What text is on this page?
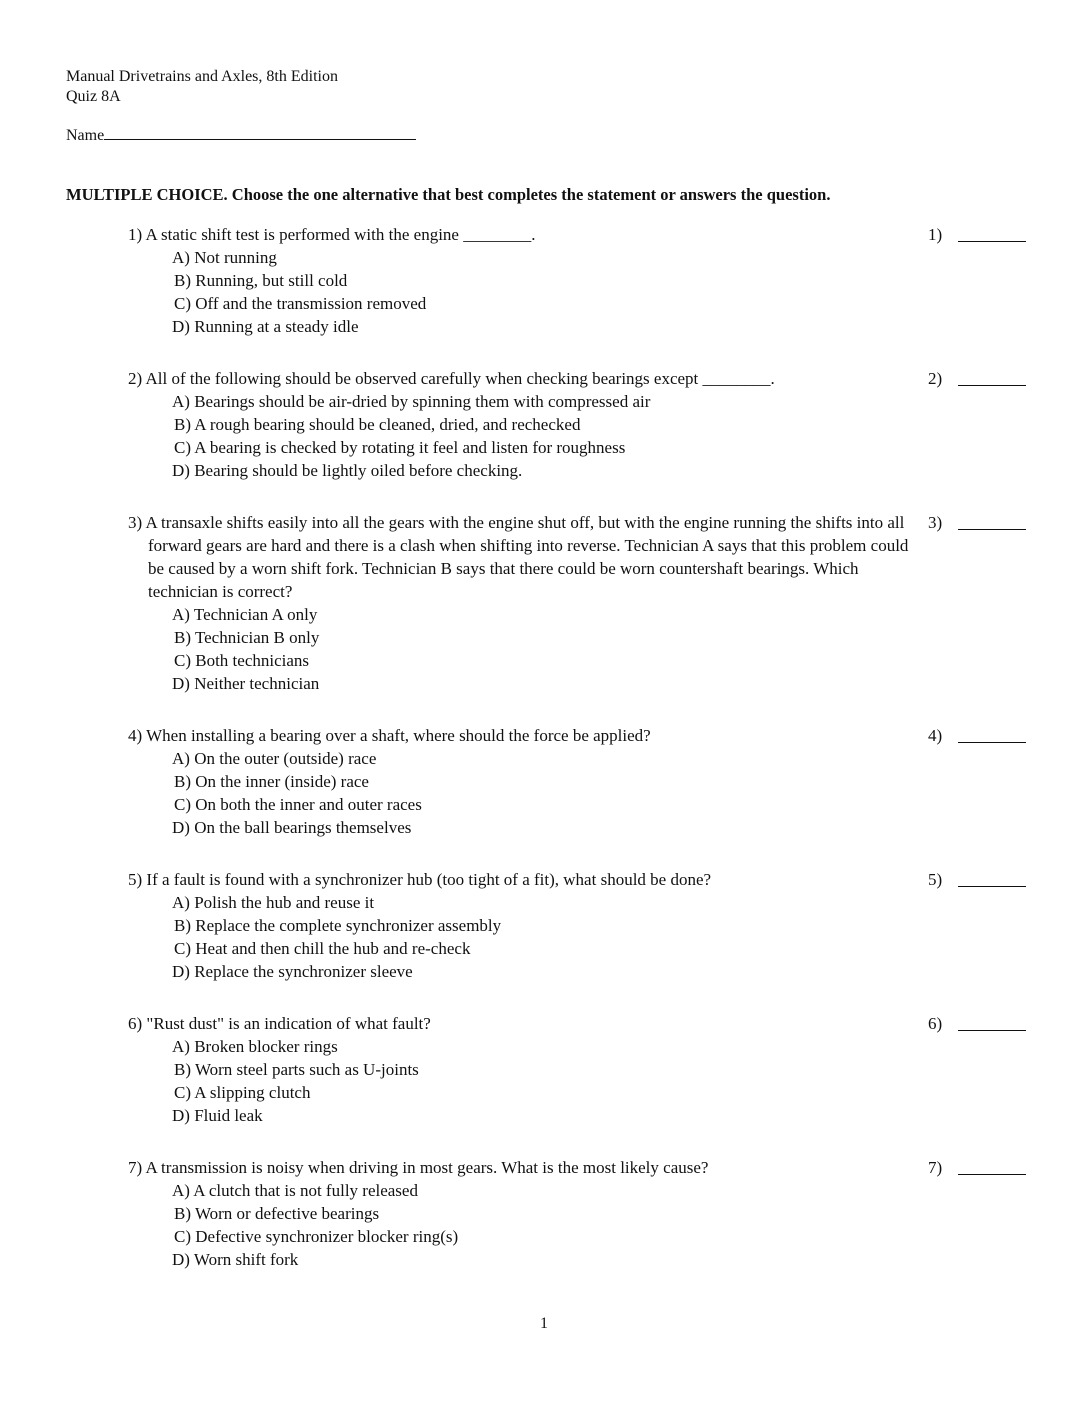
Manual Drivetrains and Axles, 8th Edition
Quiz 8A
Name
MULTIPLE CHOICE. Choose the one alternative that best completes the statement or answers the question.
1) A static shift test is performed with the engine ________.
A) Not running
B) Running, but still cold
C) Off and the transmission removed
D) Running at a steady idle
1)
2) All of the following should be observed carefully when checking bearings except ________.
A) Bearings should be air-dried by spinning them with compressed air
B) A rough bearing should be cleaned, dried, and rechecked
C) A bearing is checked by rotating it feel and listen for roughness
D) Bearing should be lightly oiled before checking.
2)
3) A transaxle shifts easily into all the gears with the engine shut off, but with the engine running the shifts into all forward gears are hard and there is a clash when shifting into reverse. Technician A says that this problem could be caused by a worn shift fork. Technician B says that there could be worn countershaft bearings. Which technician is correct?
A) Technician A only
B) Technician B only
C) Both technicians
D) Neither technician
3)
4) When installing a bearing over a shaft, where should the force be applied?
A) On the outer (outside) race
B) On the inner (inside) race
C) On both the inner and outer races
D) On the ball bearings themselves
4)
5) If a fault is found with a synchronizer hub (too tight of a fit), what should be done?
A) Polish the hub and reuse it
B) Replace the complete synchronizer assembly
C) Heat and then chill the hub and re-check
D) Replace the synchronizer sleeve
5)
6) "Rust dust" is an indication of what fault?
A) Broken blocker rings
B) Worn steel parts such as U-joints
C) A slipping clutch
D) Fluid leak
6)
7) A transmission is noisy when driving in most gears. What is the most likely cause?
A) A clutch that is not fully released
B) Worn or defective bearings
C) Defective synchronizer blocker ring(s)
D) Worn shift fork
7)
1
